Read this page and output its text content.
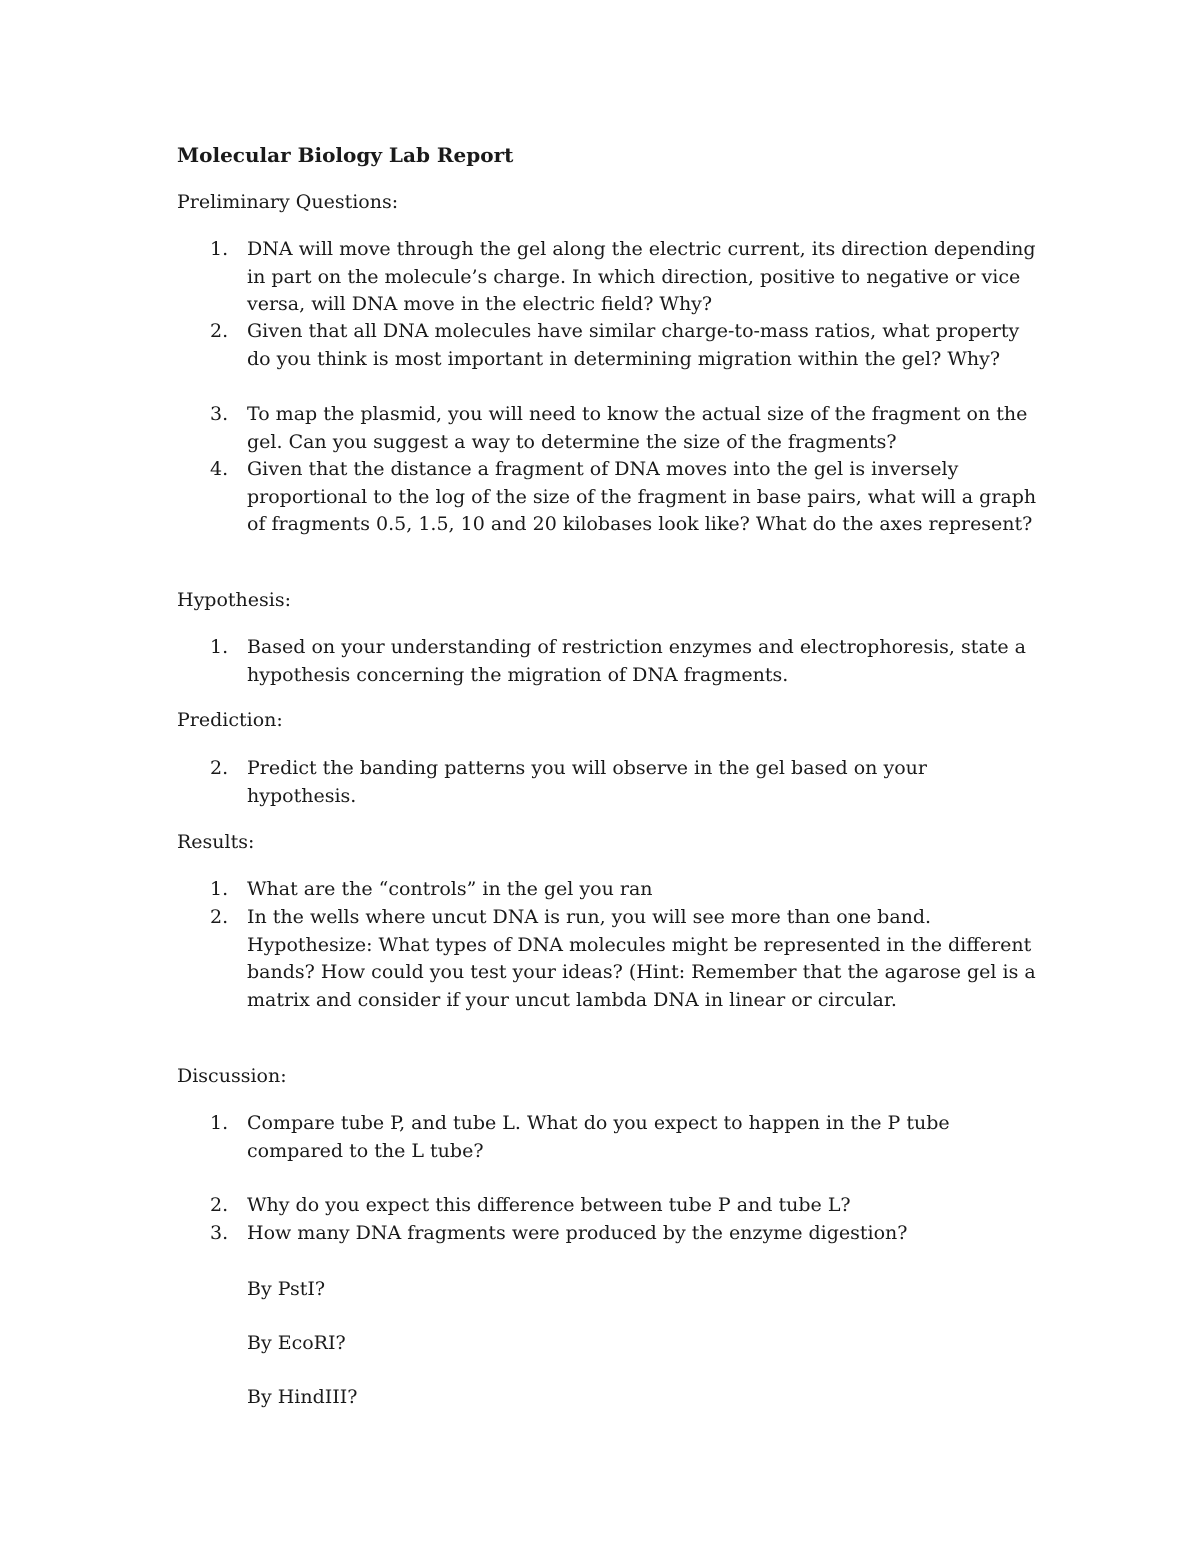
Molecular Biology Lab Report
Preliminary Questions:
1. DNA will move through the gel along the electric current, its direction depending in part on the molecule’s charge. In which direction, positive to negative or vice versa, will DNA move in the electric field? Why?
2. Given that all DNA molecules have similar charge-to-mass ratios, what property do you think is most important in determining migration within the gel? Why?
3. To map the plasmid, you will need to know the actual size of the fragment on the gel. Can you suggest a way to determine the size of the fragments?
4. Given that the distance a fragment of DNA moves into the gel is inversely proportional to the log of the size of the fragment in base pairs, what will a graph of fragments 0.5, 1.5, 10 and 20 kilobases look like? What do the axes represent?
Hypothesis:
1. Based on your understanding of restriction enzymes and electrophoresis, state a hypothesis concerning the migration of DNA fragments.
Prediction:
2. Predict the banding patterns you will observe in the gel based on your hypothesis.
Results:
1. What are the “controls” in the gel you ran
2. In the wells where uncut DNA is run, you will see more than one band. Hypothesize: What types of DNA molecules might be represented in the different bands? How could you test your ideas? (Hint: Remember that the agarose gel is a matrix and consider if your uncut lambda DNA in linear or circular.
Discussion:
1. Compare tube P, and tube L. What do you expect to happen in the P tube compared to the L tube?
2. Why do you expect this difference between tube P and tube L?
3. How many DNA fragments were produced by the enzyme digestion?
By PstI?
By EcoRI?
By HindIII?
